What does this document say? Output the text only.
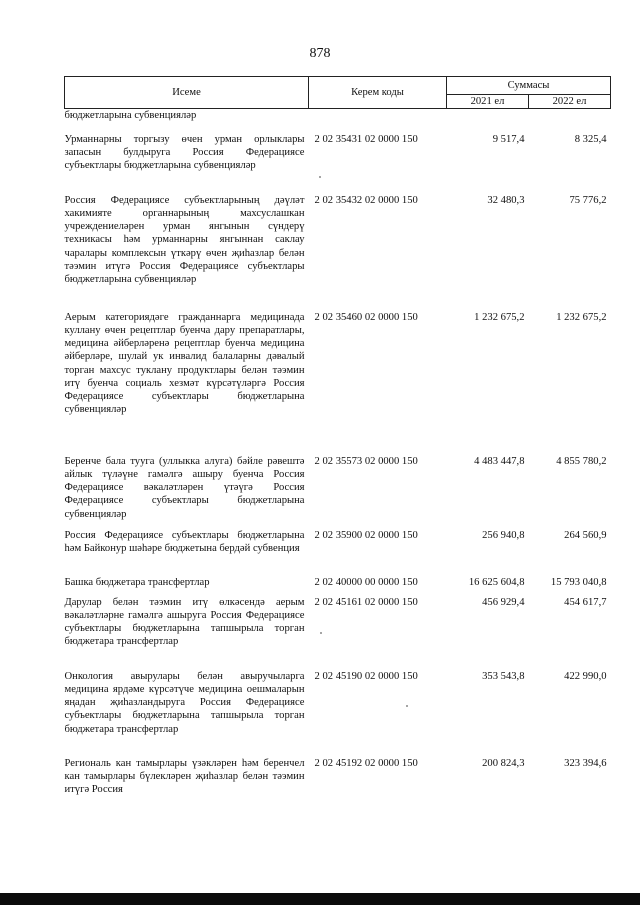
878
Исеме	Керем коды	Суммасы	
		2021 ел	2022 ел
бюджетларына субвенцияләр			
Урманнарны торгызу өчен урман орлыклары запасын булдыруга Россия Федерациясе субъектлары бюджетларына субвенцияләр	2 02 35431 02 0000 150	9 517,4	8 325,4
Россия Федерациясе субъектларының дәүләт хакимияте органнарының махсуслашкан учреждениеләрен урман янгынын сүндерү техникасы һәм урманнарны янгыннан саклау чаралары комплексын үткәрү өчен җиһазлар белән тәэмин итүгә Россия Федерациясе субъектлары бюджетларына субвенцияләр	2 02 35432 02 0000 150	32 480,3	75 776,2
Аерым категориядәге гражданнарга медицинада куллану өчен рецептлар буенча дару препаратлары, медицина әйберләренә рецептлар буенча медицина әйберләре, шулай ук инвалид балаларны дәвалый торган махсус туклану продуктлары белән тәэмин итү буенча социаль хезмәт күрсәтүләргә Россия Федерациясе субъектлары бюджетларына субвенцияләр	2 02 35460 02 0000 150	1 232 675,2	1 232 675,2
Беренче бала туугa (уллыкка алуга) бәйле рәвештә айлык түләүне гамәлгә ашыру буенча Россия Федерациясе вәкаләтләрен үтәүгә Россия Федерациясе субъектлары бюджетларына субвенцияләр	2 02 35573 02 0000 150	4 483 447,8	4 855 780,2
Россия Федерациясе субъектлары бюджетларына һәм Байконур шәһәре бюджетына бердәй субвенция	2 02 35900 02 0000 150	256 940,8	264 560,9
Башка бюджетара трансфертлар	2 02 40000 00 0000 150	16 625 604,8	15 793 040,8
Дарулар белән тәэмин итү өлкәсендә аерым вәкаләтләрне гамәлгә ашыруга Россия Федерациясе субъектлары бюджетларына тапшырыла торган бюджетара трансфертлар	2 02 45161 02 0000 150	456 929,4	454 617,7
Онкология авырулары белән авыручыларга медицина ярдәме күрсәтүче медицина оешмаларын яңадан җиһазландыруга Россия Федерациясе субъектлары бюджетларына тапшырыла торган бюджетара трансфертлар	2 02 45190 02 0000 150	353 543,8	422 990,0
Региональ кан тамырлары үзәкләрен һәм беренчел кан тамырлары бүлекләрен җиһазлар белән тәэмин итүгә Россия	2 02 45192 02 0000 150	200 824,3	323 394,6
